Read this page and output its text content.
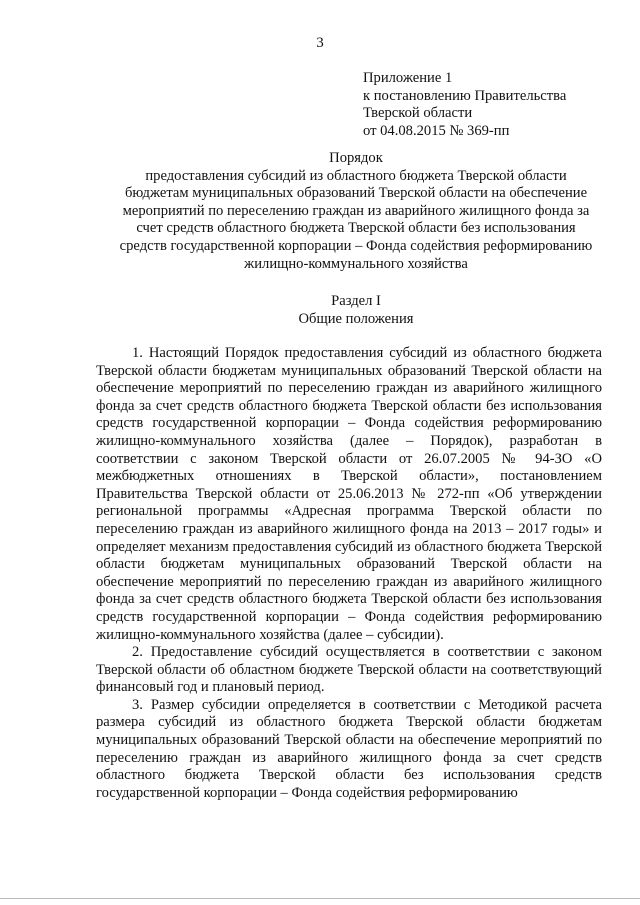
3
Приложение 1
к постановлению Правительства
Тверской области
от 04.08.2015 № 369-пп
Порядок
предоставления субсидий из областного бюджета Тверской области
бюджетам муниципальных образований Тверской области на обеспечение
мероприятий по переселению граждан из аварийного жилищного фонда за
счет средств областного бюджета Тверской области без использования
средств государственной корпорации – Фонда содействия реформированию
жилищно-коммунального хозяйства
Раздел I
Общие положения

1. Настоящий Порядок предоставления субсидий из областного бюджета Тверской области бюджетам муниципальных образований Тверской области на обеспечение мероприятий по переселению граждан из аварийного жилищного фонда за счет средств областного бюджета Тверской области без использования средств государственной корпорации – Фонда содействия реформированию жилищно-коммунального хозяйства (далее – Порядок), разработан в соответствии с законом Тверской области от 26.07.2005 № 94-ЗО «О межбюджетных отношениях в Тверской области», постановлением Правительства Тверской области от 25.06.2013 № 272-пп «Об утверждении региональной программы «Адресная программа Тверской области по переселению граждан из аварийного жилищного фонда на 2013 – 2017 годы» и определяет механизм предоставления субсидий из областного бюджета Тверской области бюджетам муниципальных образований Тверской области на обеспечение мероприятий по переселению граждан из аварийного жилищного фонда за счет средств областного бюджета Тверской области без использования средств государственной корпорации – Фонда содействия реформированию жилищно-коммунального хозяйства (далее – субсидии).

2. Предоставление субсидий осуществляется в соответствии с законом Тверской области об областном бюджете Тверской области на соответствующий финансовый год и плановый период.

3. Размер субсидии определяется в соответствии с Методикой расчета размера субсидий из областного бюджета Тверской области бюджетам муниципальных образований Тверской области на обеспечение мероприятий по переселению граждан из аварийного жилищного фонда за счет средств областного бюджета Тверской области без использования средств государственной корпорации – Фонда содействия реформированию
